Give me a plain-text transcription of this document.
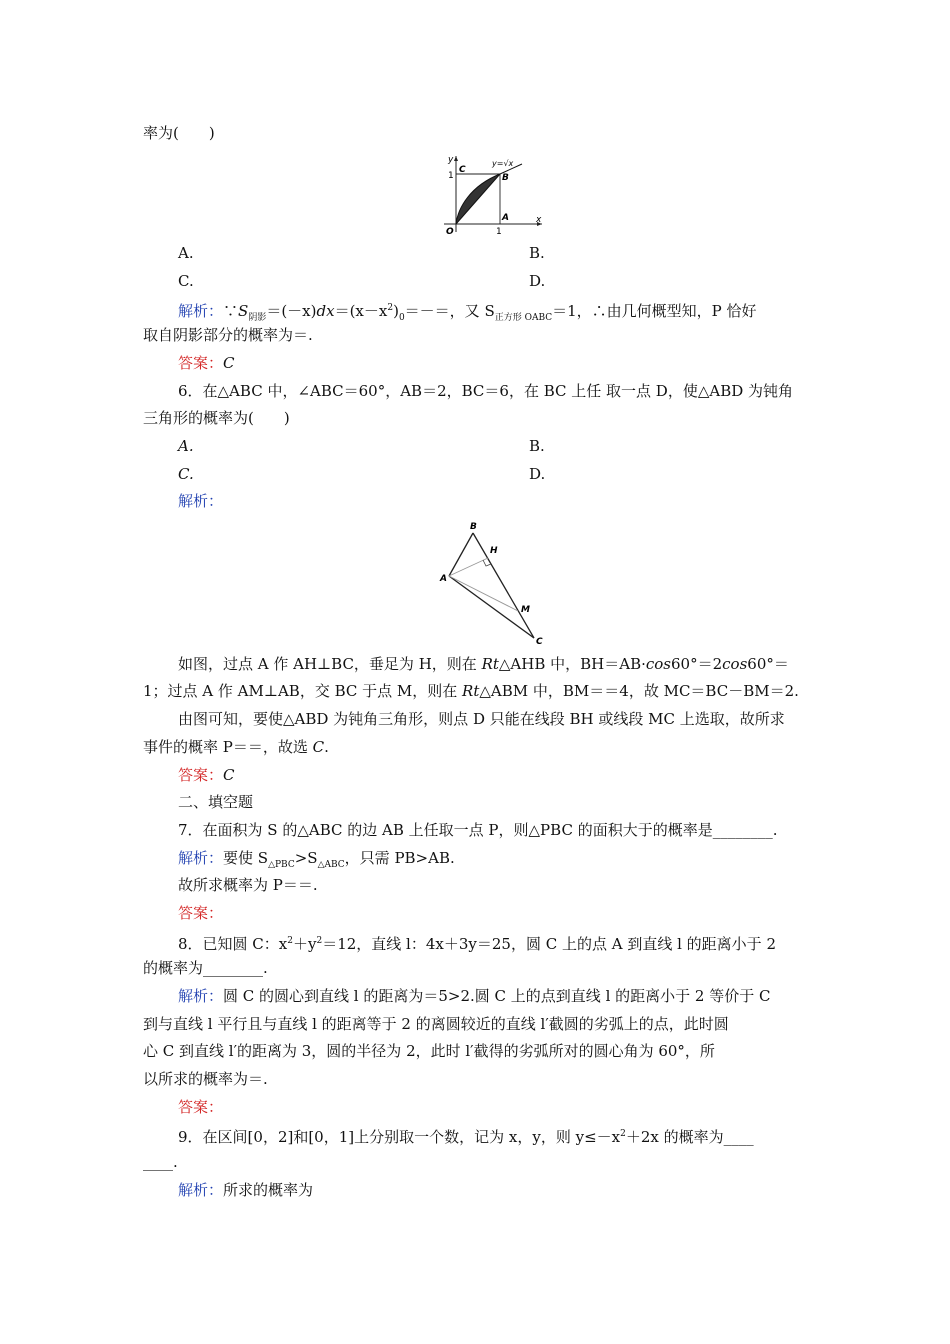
率为(　　)
y
x
1
1
C
B
A
O
y=√x
A.	B.
C.	D.
解析：$\because S_{阴影}=(-x)dx=(x-x^2)_0=-=$，又 $S_{正方形 OABC}=1$，∴由几何概型知，P 恰好
取自阴影部分的概率为＝.
答案：C
6．在△ABC 中，∠ABC＝60°，AB＝2，BC＝6，在 BC 上任 取一点 D，使△ABD 为钝角
三角形的概率为(　　)
A.	B.
C.	D.
解析：
B
H
A
M
C
如图，过点 A 作 AH⊥BC，垂足为 H，则在 Rt△AHB 中，BH＝AB·cos60°＝2cos60°＝
1；过点 A 作 AM⊥AB，交 BC 于点 M，则在 Rt△ABM 中，BM＝＝4，故 MC＝BC－BM＝2.
由图可知，要使△ABD 为钝角三角形，则点 D 只能在线段 BH 或线段 MC 上选取，故所求
事件的概率 P＝＝，故选 C.
答案：C
二、填空题
7．在面积为 S 的△ABC 的边 AB 上任取一点 P，则△PBC 的面积大于的概率是________.
解析：要使 $S_{\triangle PBC}>S_{\triangle ABC}$，只需 PB>AB.
故所求概率为 P＝＝.
答案：
8．已知圆 C：$x^2+y^2=12$，直线 l：4x＋3y＝25，圆 C 上的点 A 到直线 l 的距离小于 2
的概率为________.
解析：圆 C 的圆心到直线 l 的距离为＝5>2.圆 C 上的点到直线 l 的距离小于 2 等价于 C
到与直线 l 平行且与直线 l 的距离等于 2 的离圆较近的直线 l′截圆的劣弧上的点，此时圆
心 C 到直线 l′的距离为 3，圆的半径为 2，此时 l′截得的劣弧所对的圆心角为 60°，所
以所求的概率为＝.
答案：
9．在区间[0，2]和[0，1]上分别取一个数，记为 x，y，则 $y\le-x^2+2x$ 的概率为____
____.
解析：所求的概率为
